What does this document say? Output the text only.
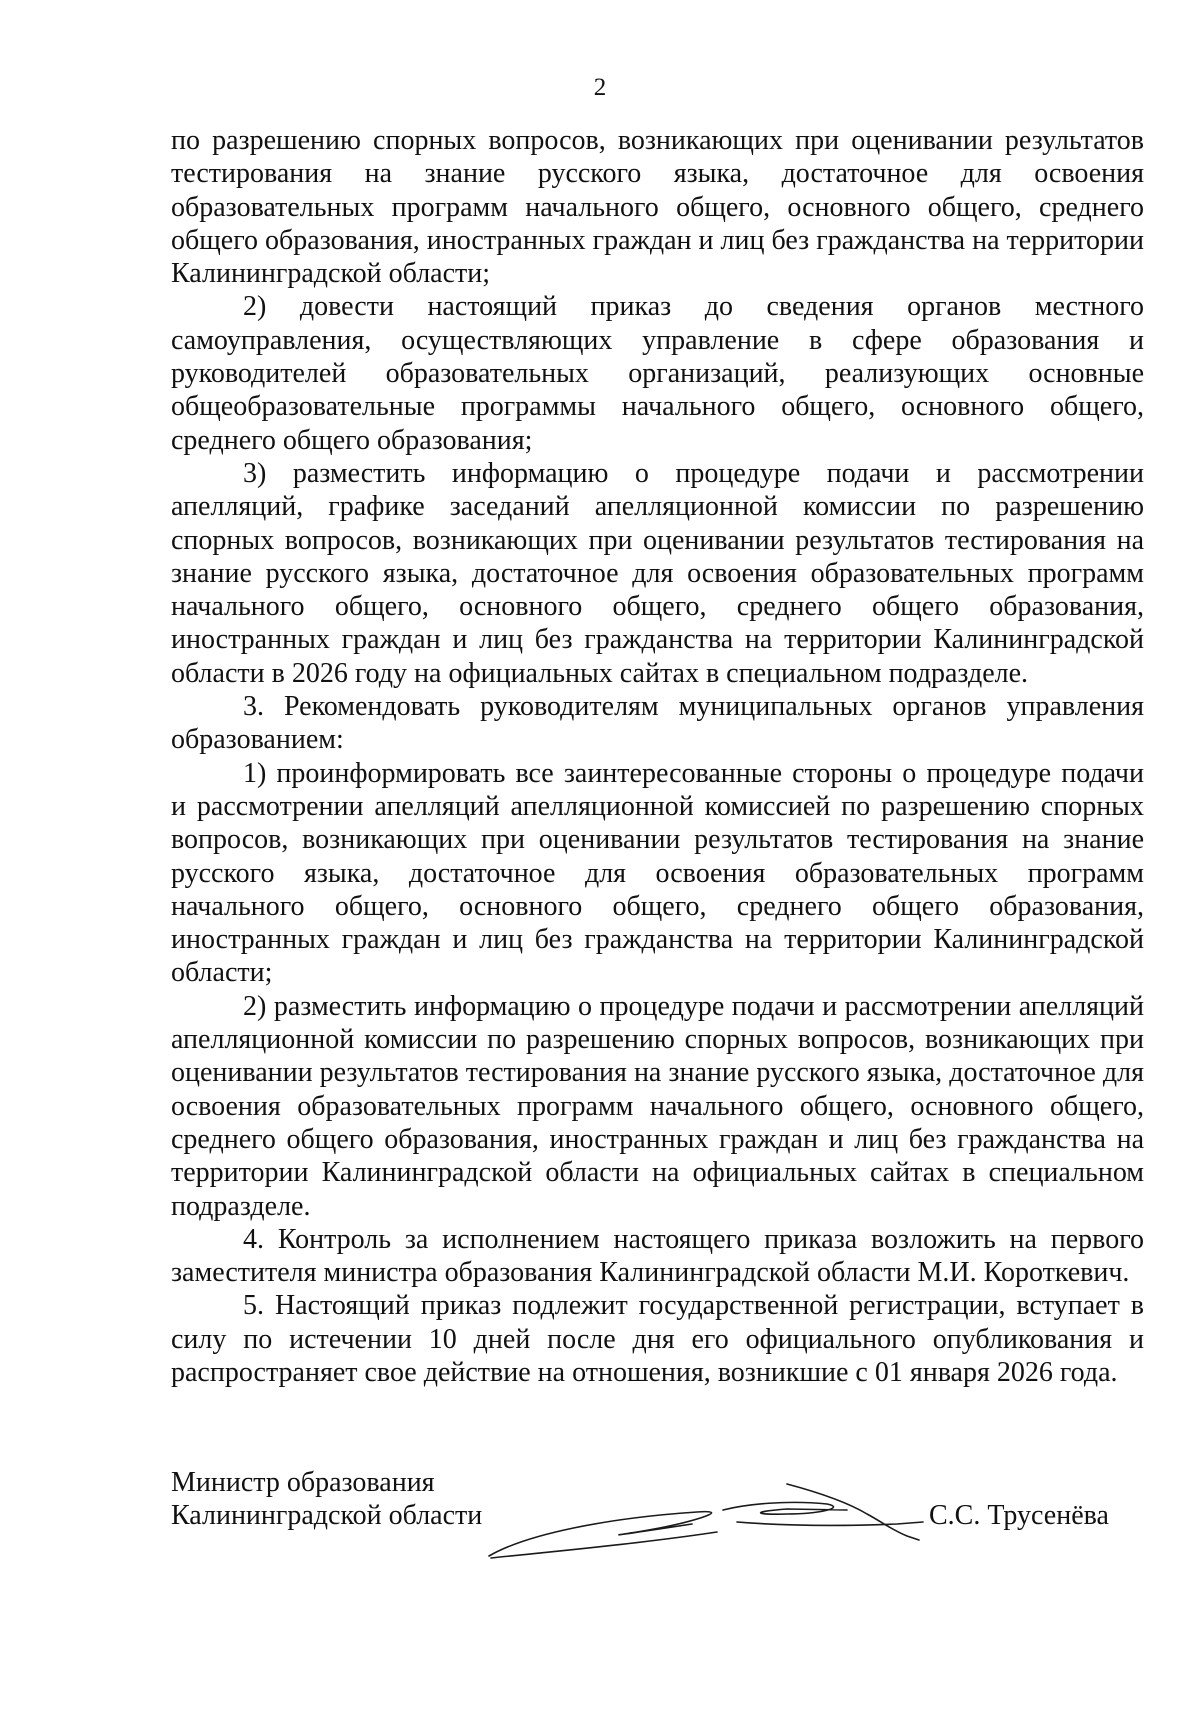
2

по разрешению спорных вопросов, возникающих при оценивании результатов тестирования на знание русского языка, достаточное для освоения образовательных программ начального общего, основного общего, среднего общего образования, иностранных граждан и лиц без гражданства на территории Калининградской области;

2) довести настоящий приказ до сведения органов местного самоуправления, осуществляющих управление в сфере образования и руководителей образовательных организаций, реализующих основные общеобразовательные программы начального общего, основного общего, среднего общего образования;

3) разместить информацию о процедуре подачи и рассмотрении апелляций, графике заседаний апелляционной комиссии по разрешению спорных вопросов, возникающих при оценивании результатов тестирования на знание русского языка, достаточное для освоения образовательных программ начального общего, основного общего, среднего общего образования, иностранных граждан и лиц без гражданства на территории Калининградской области в 2026 году на официальных сайтах в специальном подразделе.

3. Рекомендовать руководителям муниципальных органов управления образованием:

1) проинформировать все заинтересованные стороны о процедуре подачи и рассмотрении апелляций апелляционной комиссией по разрешению спорных вопросов, возникающих при оценивании результатов тестирования на знание русского языка, достаточное для освоения образовательных программ начального общего, основного общего, среднего общего образования, иностранных граждан и лиц без гражданства на территории Калининградской области;

2) разместить информацию о процедуре подачи и рассмотрении апелляций апелляционной комиссии по разрешению спорных вопросов, возникающих при оценивании результатов тестирования на знание русского языка, достаточное для освоения образовательных программ начального общего, основного общего, среднего общего образования, иностранных граждан и лиц без гражданства на территории Калининградской области на официальных сайтах в специальном подразделе.

4. Контроль за исполнением настоящего приказа возложить на первого заместителя министра образования Калининградской области М.И. Короткевич.

5. Настоящий приказ подлежит государственной регистрации, вступает в силу по истечении 10 дней после дня его официального опубликования и распространяет свое действие на отношения, возникшие с 01 января 2026 года.

Министр образования
Калининградской области	С.С. Трусенёва
